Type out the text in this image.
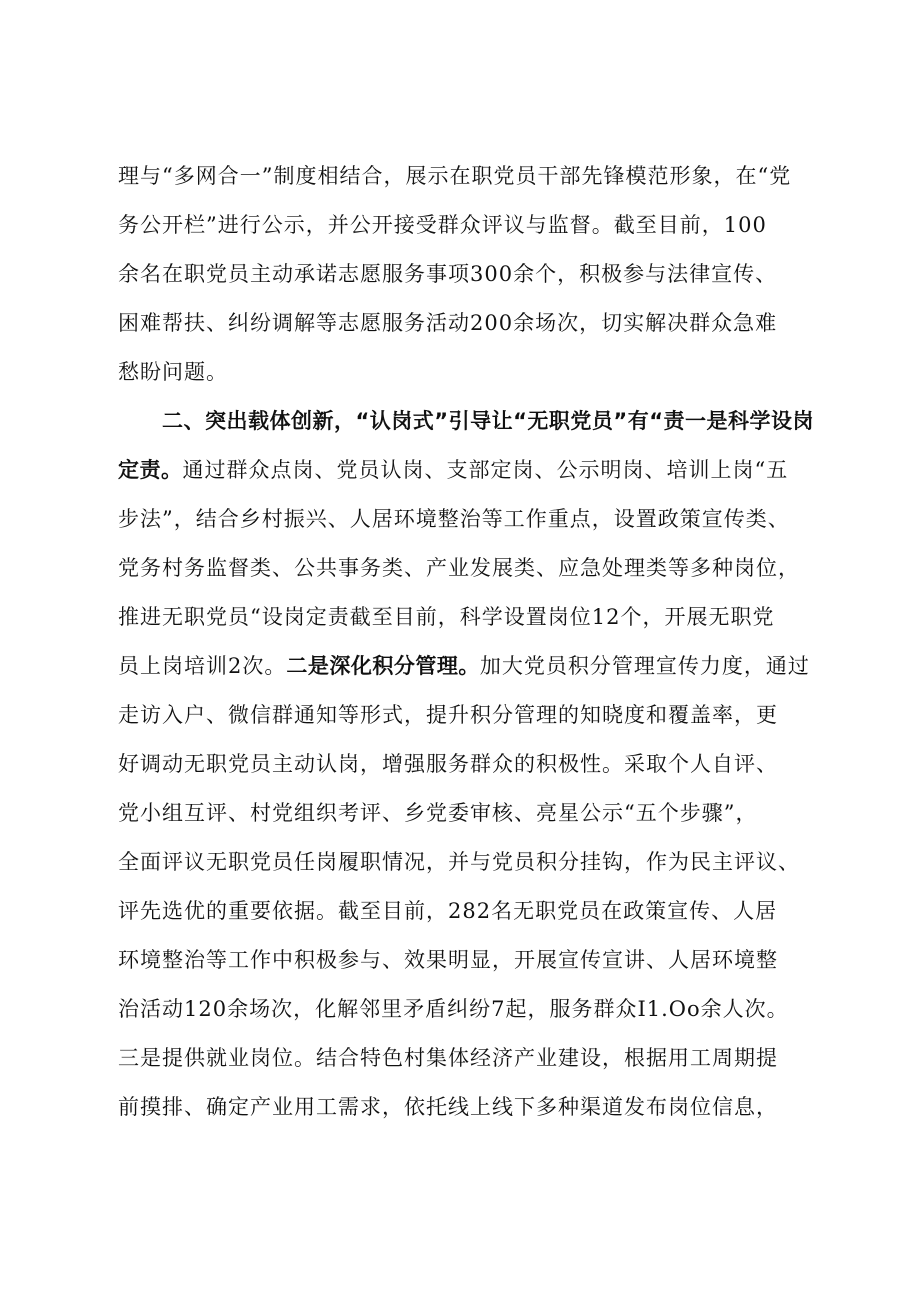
理与“多网合一”制度相结合，展示在职党员干部先锋模范形象，在“党
务公开栏”进行公示，并公开接受群众评议与监督。截至目前，100
余名在职党员主动承诺志愿服务事项300余个，积极参与法律宣传、
困难帮扶、纠纷调解等志愿服务活动200余场次，切实解决群众急难
愁盼问题。
二、突出载体创新，“认岗式”引导让“无职党员”有“责一是科学设岗
定责。通过群众点岗、党员认岗、支部定岗、公示明岗、培训上岗“五
步法”，结合乡村振兴、人居环境整治等工作重点，设置政策宣传类、
党务村务监督类、公共事务类、产业发展类、应急处理类等多种岗位，
推进无职党员“设岗定责截至目前，科学设置岗位12个，开展无职党
员上岗培训2次。二是深化积分管理。加大党员积分管理宣传力度，通过
走访入户、微信群通知等形式，提升积分管理的知晓度和覆盖率，更
好调动无职党员主动认岗，增强服务群众的积极性。采取个人自评、
党小组互评、村党组织考评、乡党委审核、亮星公示“五个步骤”，
全面评议无职党员任岗履职情况，并与党员积分挂钩，作为民主评议、
评先选优的重要依据。截至目前，282名无职党员在政策宣传、人居
环境整治等工作中积极参与、效果明显，开展宣传宣讲、人居环境整
治活动120余场次，化解邻里矛盾纠纷7起，服务群众I1.Oo余人次。
三是提供就业岗位。结合特色村集体经济产业建设，根据用工周期提
前摸排、确定产业用工需求，依托线上线下多种渠道发布岗位信息，
